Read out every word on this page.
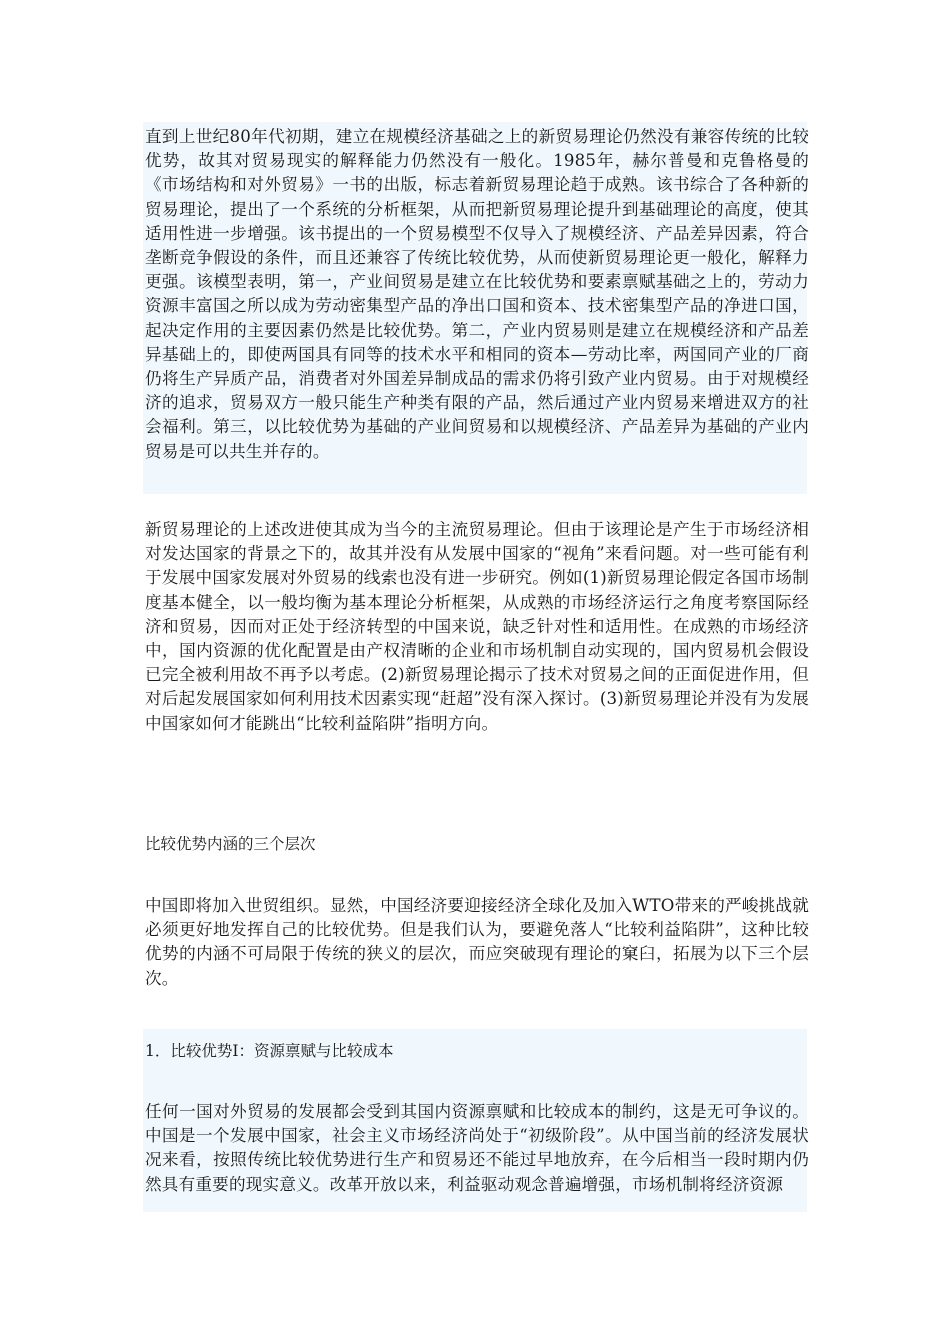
直到上世纪80年代初期，建立在规模经济基础之上的新贸易理论仍然没有兼容传统的比较优势，故其对贸易现实的解释能力仍然没有一般化。1985年，赫尔普曼和克鲁格曼的《市场结构和对外贸易》一书的出版，标志着新贸易理论趋于成熟。该书综合了各种新的贸易理论，提出了一个系统的分析框架，从而把新贸易理论提升到基础理论的高度，使其适用性进一步增强。该书提出的一个贸易模型不仅导入了规模经济、产品差异因素，符合垄断竞争假设的条件，而且还兼容了传统比较优势，从而使新贸易理论更一般化，解释力更强。该模型表明，第一，产业间贸易是建立在比较优势和要素禀赋基础之上的，劳动力资源丰富国之所以成为劳动密集型产品的净出口国和资本、技术密集型产品的净进口国，起决定作用的主要因素仍然是比较优势。第二，产业内贸易则是建立在规模经济和产品差异基础上的，即使两国具有同等的技术水平和相同的资本—劳动比率，两国同产业的厂商仍将生产异质产品，消费者对外国差异制成品的需求仍将引致产业内贸易。由于对规模经济的追求，贸易双方一般只能生产种类有限的产品，然后通过产业内贸易来增进双方的社会福利。第三，以比较优势为基础的产业间贸易和以规模经济、产品差异为基础的产业内贸易是可以共生并存的。

新贸易理论的上述改进使其成为当今的主流贸易理论。但由于该理论是产生于市场经济相对发达国家的背景之下的，故其并没有从发展中国家的“视角”来看问题。对一些可能有利于发展中国家发展对外贸易的线索也没有进一步研究。例如(1)新贸易理论假定各国市场制度基本健全，以一般均衡为基本理论分析框架，从成熟的市场经济运行之角度考察国际经济和贸易，因而对正处于经济转型的中国来说，缺乏针对性和适用性。在成熟的市场经济中，国内资源的优化配置是由产权清晰的企业和市场机制自动实现的，国内贸易机会假设已完全被利用故不再予以考虑。(2)新贸易理论揭示了技术对贸易之间的正面促进作用，但对后起发展国家如何利用技术因素实现“赶超”没有深入探讨。(3)新贸易理论并没有为发展中国家如何才能跳出“比较利益陷阱”指明方向。

比较优势内涵的三个层次

中国即将加入世贸组织。显然，中国经济要迎接经济全球化及加入WTO带来的严峻挑战就必须更好地发挥自己的比较优势。但是我们认为，要避免落人“比较利益陷阱”，这种比较优势的内涵不可局限于传统的狭义的层次，而应突破现有理论的窠臼，拓展为以下三个层次。

1．比较优势Ⅰ：资源禀赋与比较成本

任何一国对外贸易的发展都会受到其国内资源禀赋和比较成本的制约，这是无可争议的。中国是一个发展中国家，社会主义市场经济尚处于“初级阶段”。从中国当前的经济发展状况来看，按照传统比较优势进行生产和贸易还不能过早地放弃，在今后相当一段时期内仍然具有重要的现实意义。改革开放以来，利益驱动观念普遍增强，市场机制将经济资源
